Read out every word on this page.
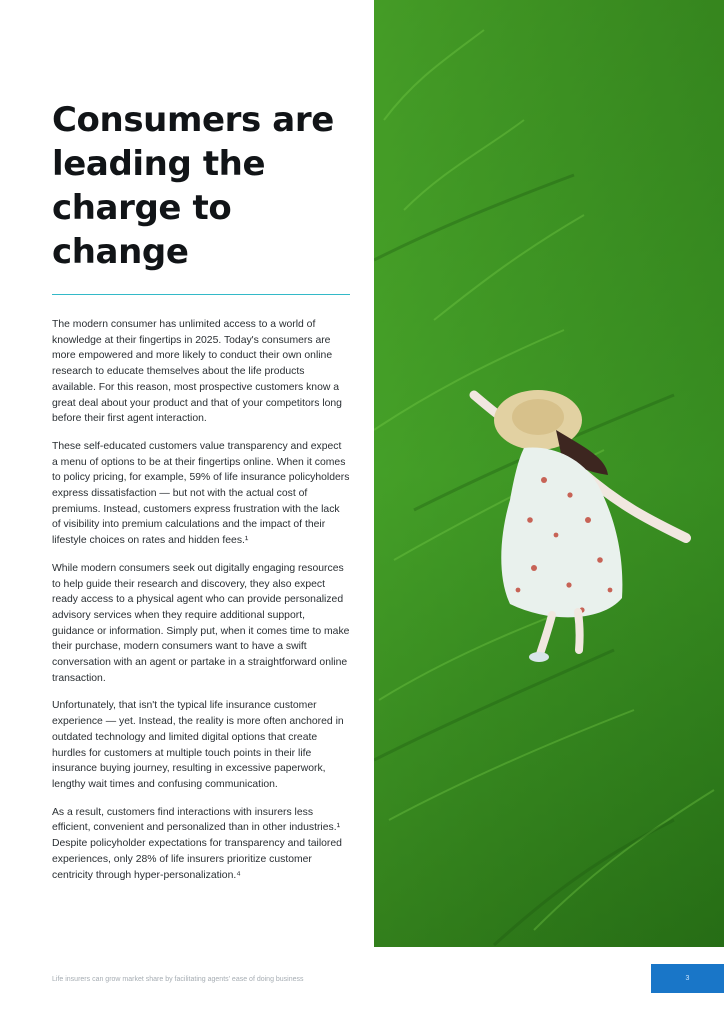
Consumers are
leading the
charge to change

The modern consumer has unlimited access to a world of knowledge at their fingertips in 2025. Today's consumers are more empowered and more likely to conduct their own online research to educate themselves about the life products available. For this reason, most prospective customers know a great deal about your product and that of your competitors long before their first agent interaction.

These self-educated customers value transparency and expect a menu of options to be at their fingertips online. When it comes to policy pricing, for example, 59% of life insurance policyholders express dissatisfaction — but not with the actual cost of premiums. Instead, customers express frustration with the lack of visibility into premium calculations and the impact of their lifestyle choices on rates and hidden fees.¹

While modern consumers seek out digitally engaging resources to help guide their research and discovery, they also expect ready access to a physical agent who can provide personalized advisory services when they require additional support, guidance or information. Simply put, when it comes time to make their purchase, modern consumers want to have a swift conversation with an agent or partake in a straightforward online transaction.

Unfortunately, that isn't the typical life insurance customer experience — yet. Instead, the reality is more often anchored in outdated technology and limited digital options that create hurdles for customers at multiple touch points in their life insurance buying journey, resulting in excessive paperwork, lengthy wait times and confusing communication.

As a result, customers find interactions with insurers less efficient, convenient and personalized than in other industries.¹ Despite policyholder expectations for transparency and tailored experiences, only 28% of life insurers prioritize customer centricity through hyper-personalization.⁴

Life insurers can grow market share by facilitating agents' ease of doing business	3
